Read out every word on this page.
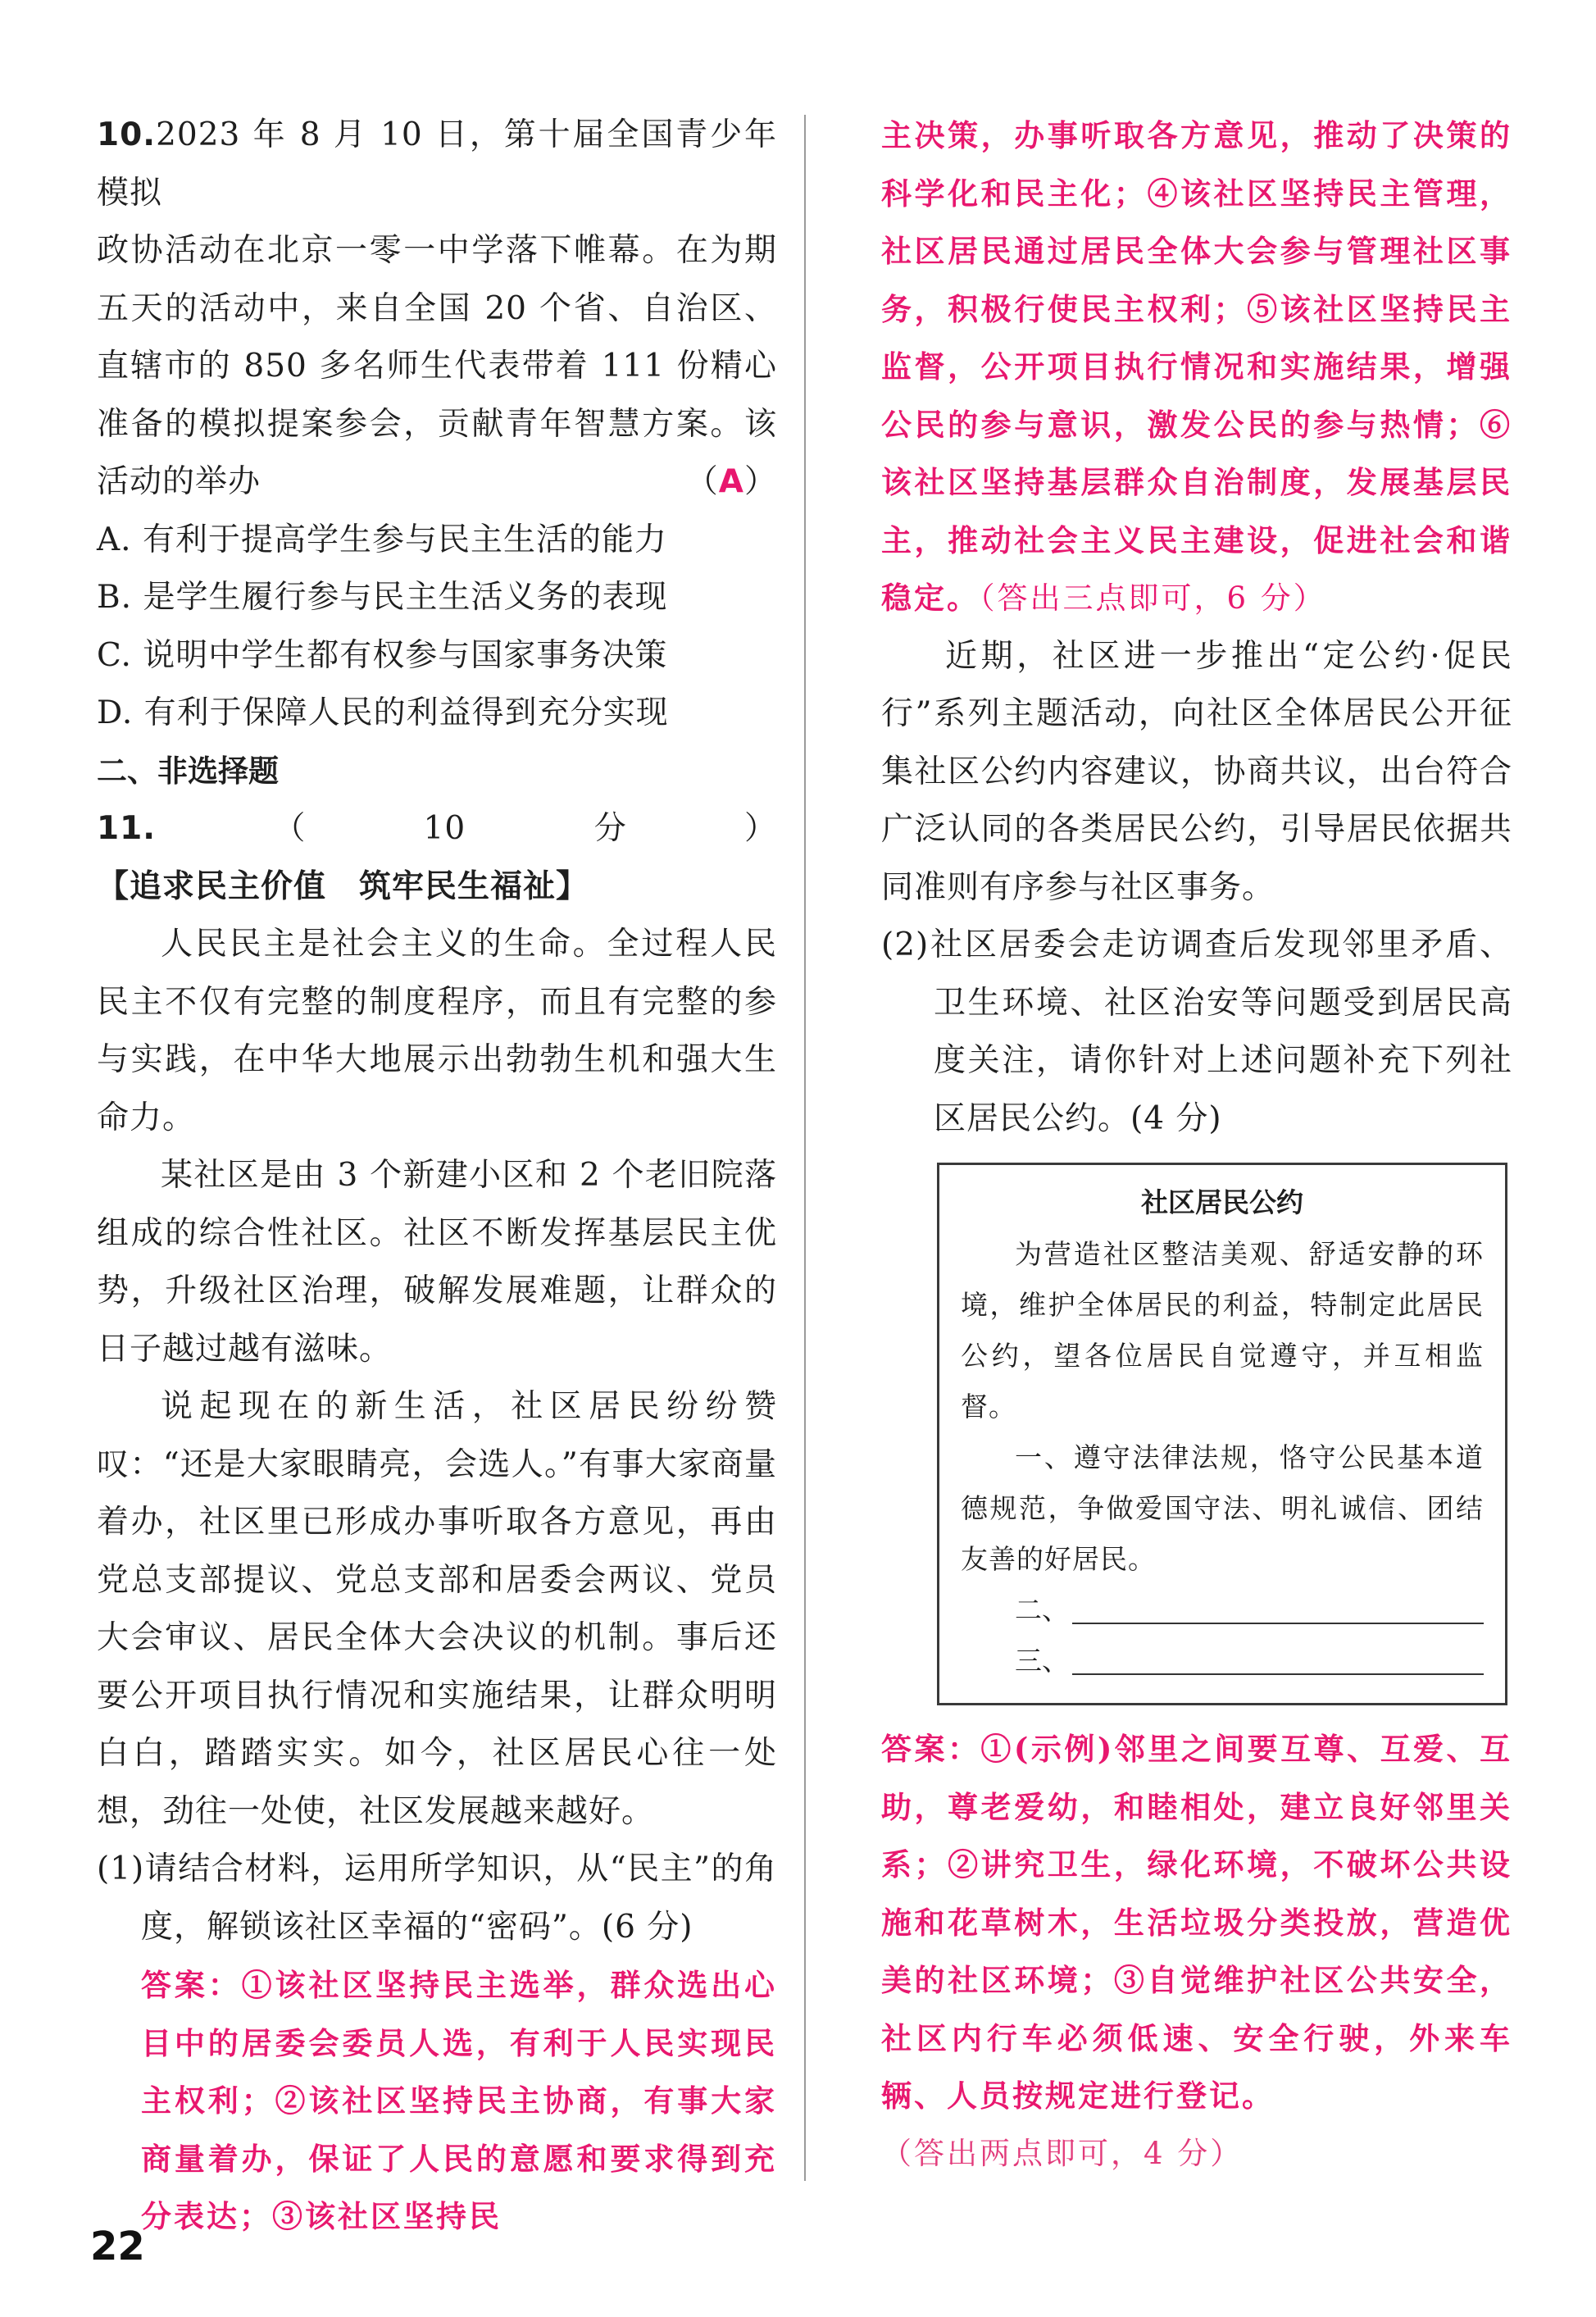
10.2023 年 8 月 10 日，第十届全国青少年模拟

政协活动在北京一零一中学落下帷幕。在为期五天的活动中，来自全国 20 个省、自治区、直辖市的 850 多名师生代表带着 111 份精心准备的模拟提案参会，贡献青年智慧方案。该活动的举办	（A）

A. 有利于提高学生参与民主生活的能力

B. 是学生履行参与民主生活义务的表现

C. 说明中学生都有权参与国家事务决策

D. 有利于保障人民的利益得到充分实现

二、非选择题

11.（10 分）【追求民主价值　筑牢民生福祉】

人民民主是社会主义的生命。全过程人民民主不仅有完整的制度程序，而且有完整的参与实践，在中华大地展示出勃勃生机和强大生命力。

某社区是由 3 个新建小区和 2 个老旧院落组成的综合性社区。社区不断发挥基层民主优势，升级社区治理，破解发展难题，让群众的日子越过越有滋味。

说起现在的新生活，社区居民纷纷赞叹：“还是大家眼睛亮，会选人。”有事大家商量着办，社区里已形成办事听取各方意见，再由党总支部提议、党总支部和居委会两议、党员大会审议、居民全体大会决议的机制。事后还要公开项目执行情况和实施结果，让群众明明白白，踏踏实实。如今，社区居民心往一处想，劲往一处使，社区发展越来越好。

(1)请结合材料，运用所学知识，从“民主”的角度，解锁该社区幸福的“密码”。(6 分)

答案：①该社区坚持民主选举，群众选出心目中的居委会委员人选，有利于人民实现民主权利；②该社区坚持民主协商，有事大家商量着办，保证了人民的意愿和要求得到充分表达；③该社区坚持民

主决策，办事听取各方意见，推动了决策的科学化和民主化；④该社区坚持民主管理，社区居民通过居民全体大会参与管理社区事务，积极行使民主权利；⑤该社区坚持民主监督，公开项目执行情况和实施结果，增强公民的参与意识，激发公民的参与热情；⑥该社区坚持基层群众自治制度，发展基层民主，推动社会主义民主建设，促进社会和谐稳定。（答出三点即可，6 分）

近期，社区进一步推出“定公约·促民行”系列主题活动，向社区全体居民公开征集社区公约内容建议，协商共议，出台符合广泛认同的各类居民公约，引导居民依据共同准则有序参与社区事务。

(2)社区居委会走访调查后发现邻里矛盾、卫生环境、社区治安等问题受到居民高度关注，请你针对上述问题补充下列社区居民公约。(4 分)

社区居民公约

为营造社区整洁美观、舒适安静的环境，维护全体居民的利益，特制定此居民公约，望各位居民自觉遵守，并互相监督。

一、遵守法律法规，恪守公民基本道德规范，争做爱国守法、明礼诚信、团结友善的好居民。

二、
三、

答案：①(示例)邻里之间要互尊、互爱、互助，尊老爱幼，和睦相处，建立良好邻里关系；②讲究卫生，绿化环境，不破坏公共设施和花草树木，生活垃圾分类投放，营造优美的社区环境；③自觉维护社区公共安全，社区内行车必须低速、安全行驶，外来车辆、人员按规定进行登记。

（答出两点即可，4 分）

22
